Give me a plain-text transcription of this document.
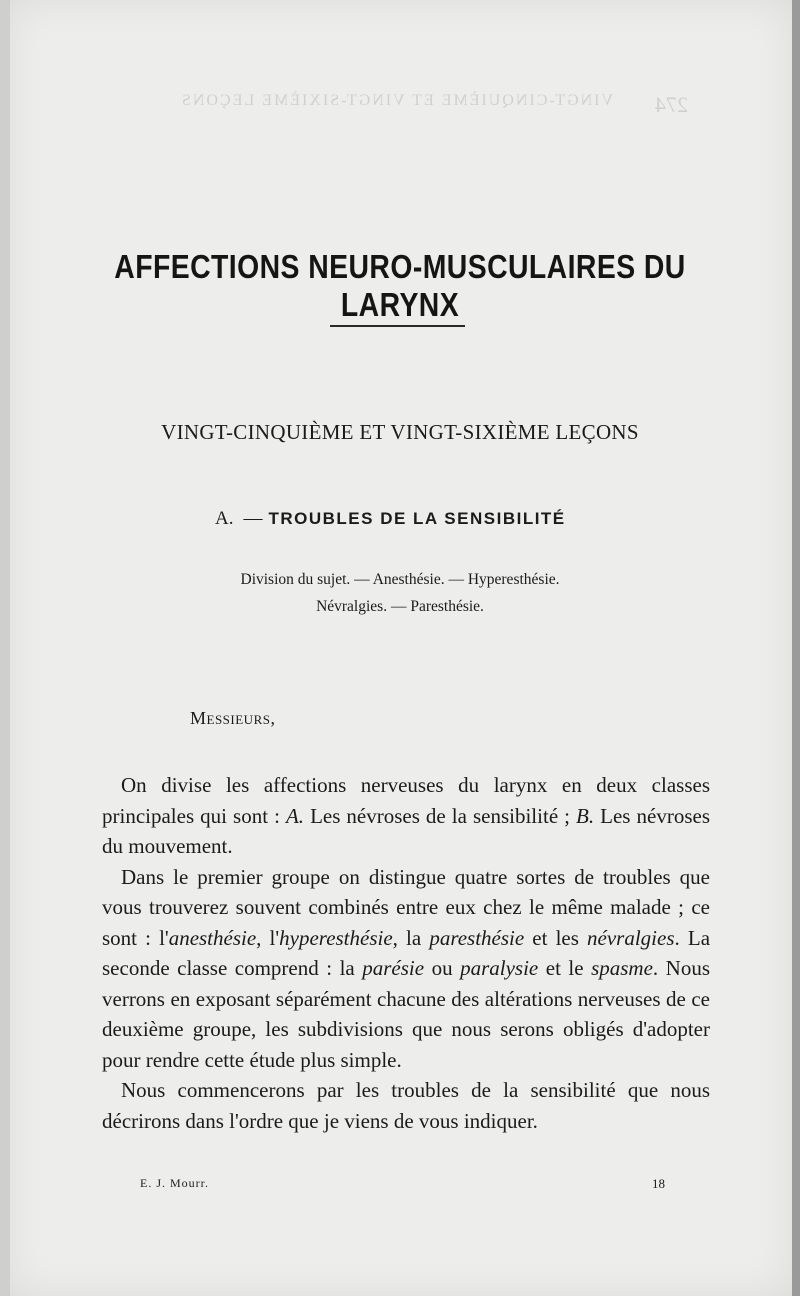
VINGT-CINQUIÈME ET VINGT-SIXIÈME LEÇONS 274
AFFECTIONS NEURO-MUSCULAIRES DU LARYNX
VINGT-CINQUIÈME ET VINGT-SIXIÈME LEÇONS
A. — TROUBLES DE LA SENSIBILITÉ
Division du sujet. — Anesthésie. — Hyperesthésie.
Névralgies. — Paresthésie.
Messieurs,

On divise les affections nerveuses du larynx en deux classes principales qui sont : A. Les névroses de la sensibilité ; B. Les névroses du mouvement.

Dans le premier groupe on distingue quatre sortes de troubles que vous trouverez souvent combinés entre eux chez le même malade ; ce sont : l'anesthésie, l'hyperesthésie, la paresthésie et les névralgies. La seconde classe comprend : la parésie ou paralysie et le spasme. Nous verrons en exposant séparément chacune des altérations nerveuses de ce deuxième groupe, les subdivisions que nous serons obligés d'adopter pour rendre cette étude plus simple.

Nous commencerons par les troubles de la sensibilité que nous décrirons dans l'ordre que je viens de vous indiquer.

E. J. Mourr.	18
